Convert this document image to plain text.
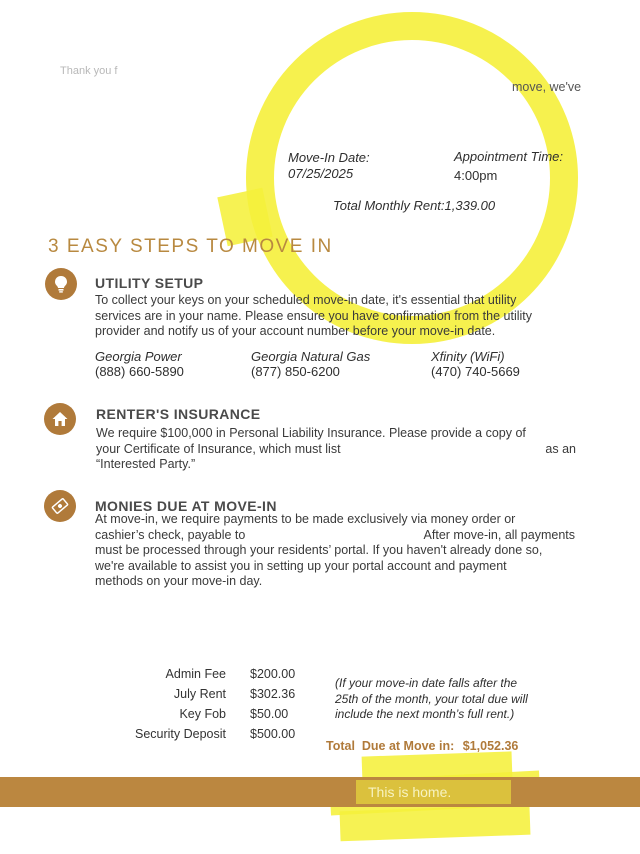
Thank you f
move, we've
Move-In Date:
07/25/2025
Appointment Time:
4:00pm
Total Monthly Rent:1,339.00
3 EASY STEPS TO MOVE IN
UTILITY SETUP
To collect your keys on your scheduled move-in date, it's essential that utility
services are in your name. Please ensure you have confirmation from the utility
provider and notify us of your account number before your move-in date.
Georgia Power
(888) 660-5890
Georgia Natural Gas
(877) 850-6200
Xfinity (WiFi)
(470) 740-5669
RENTER'S INSURANCE
We require $100,000 in Personal Liability Insurance. Please provide a copy of
your Certificate of Insurance, which must list	as an
“Interested Party.”
MONIES DUE AT MOVE-IN
At move-in, we require payments to be made exclusively via money order or
cashier’s check, payable to	After move-in, all payments
must be processed through your residents’ portal. If you haven't already done so,
we're available to assist you in setting up your portal account and payment
methods on your move-in day.
Admin Fee $200.00
July Rent $302.36
Key Fob $50.00
Security Deposit $500.00
(If your move-in date falls after the
25th of the month, your total due will
include the next month’s full rent.)
Total  Due at Move in: $1,052.36
This is home.
